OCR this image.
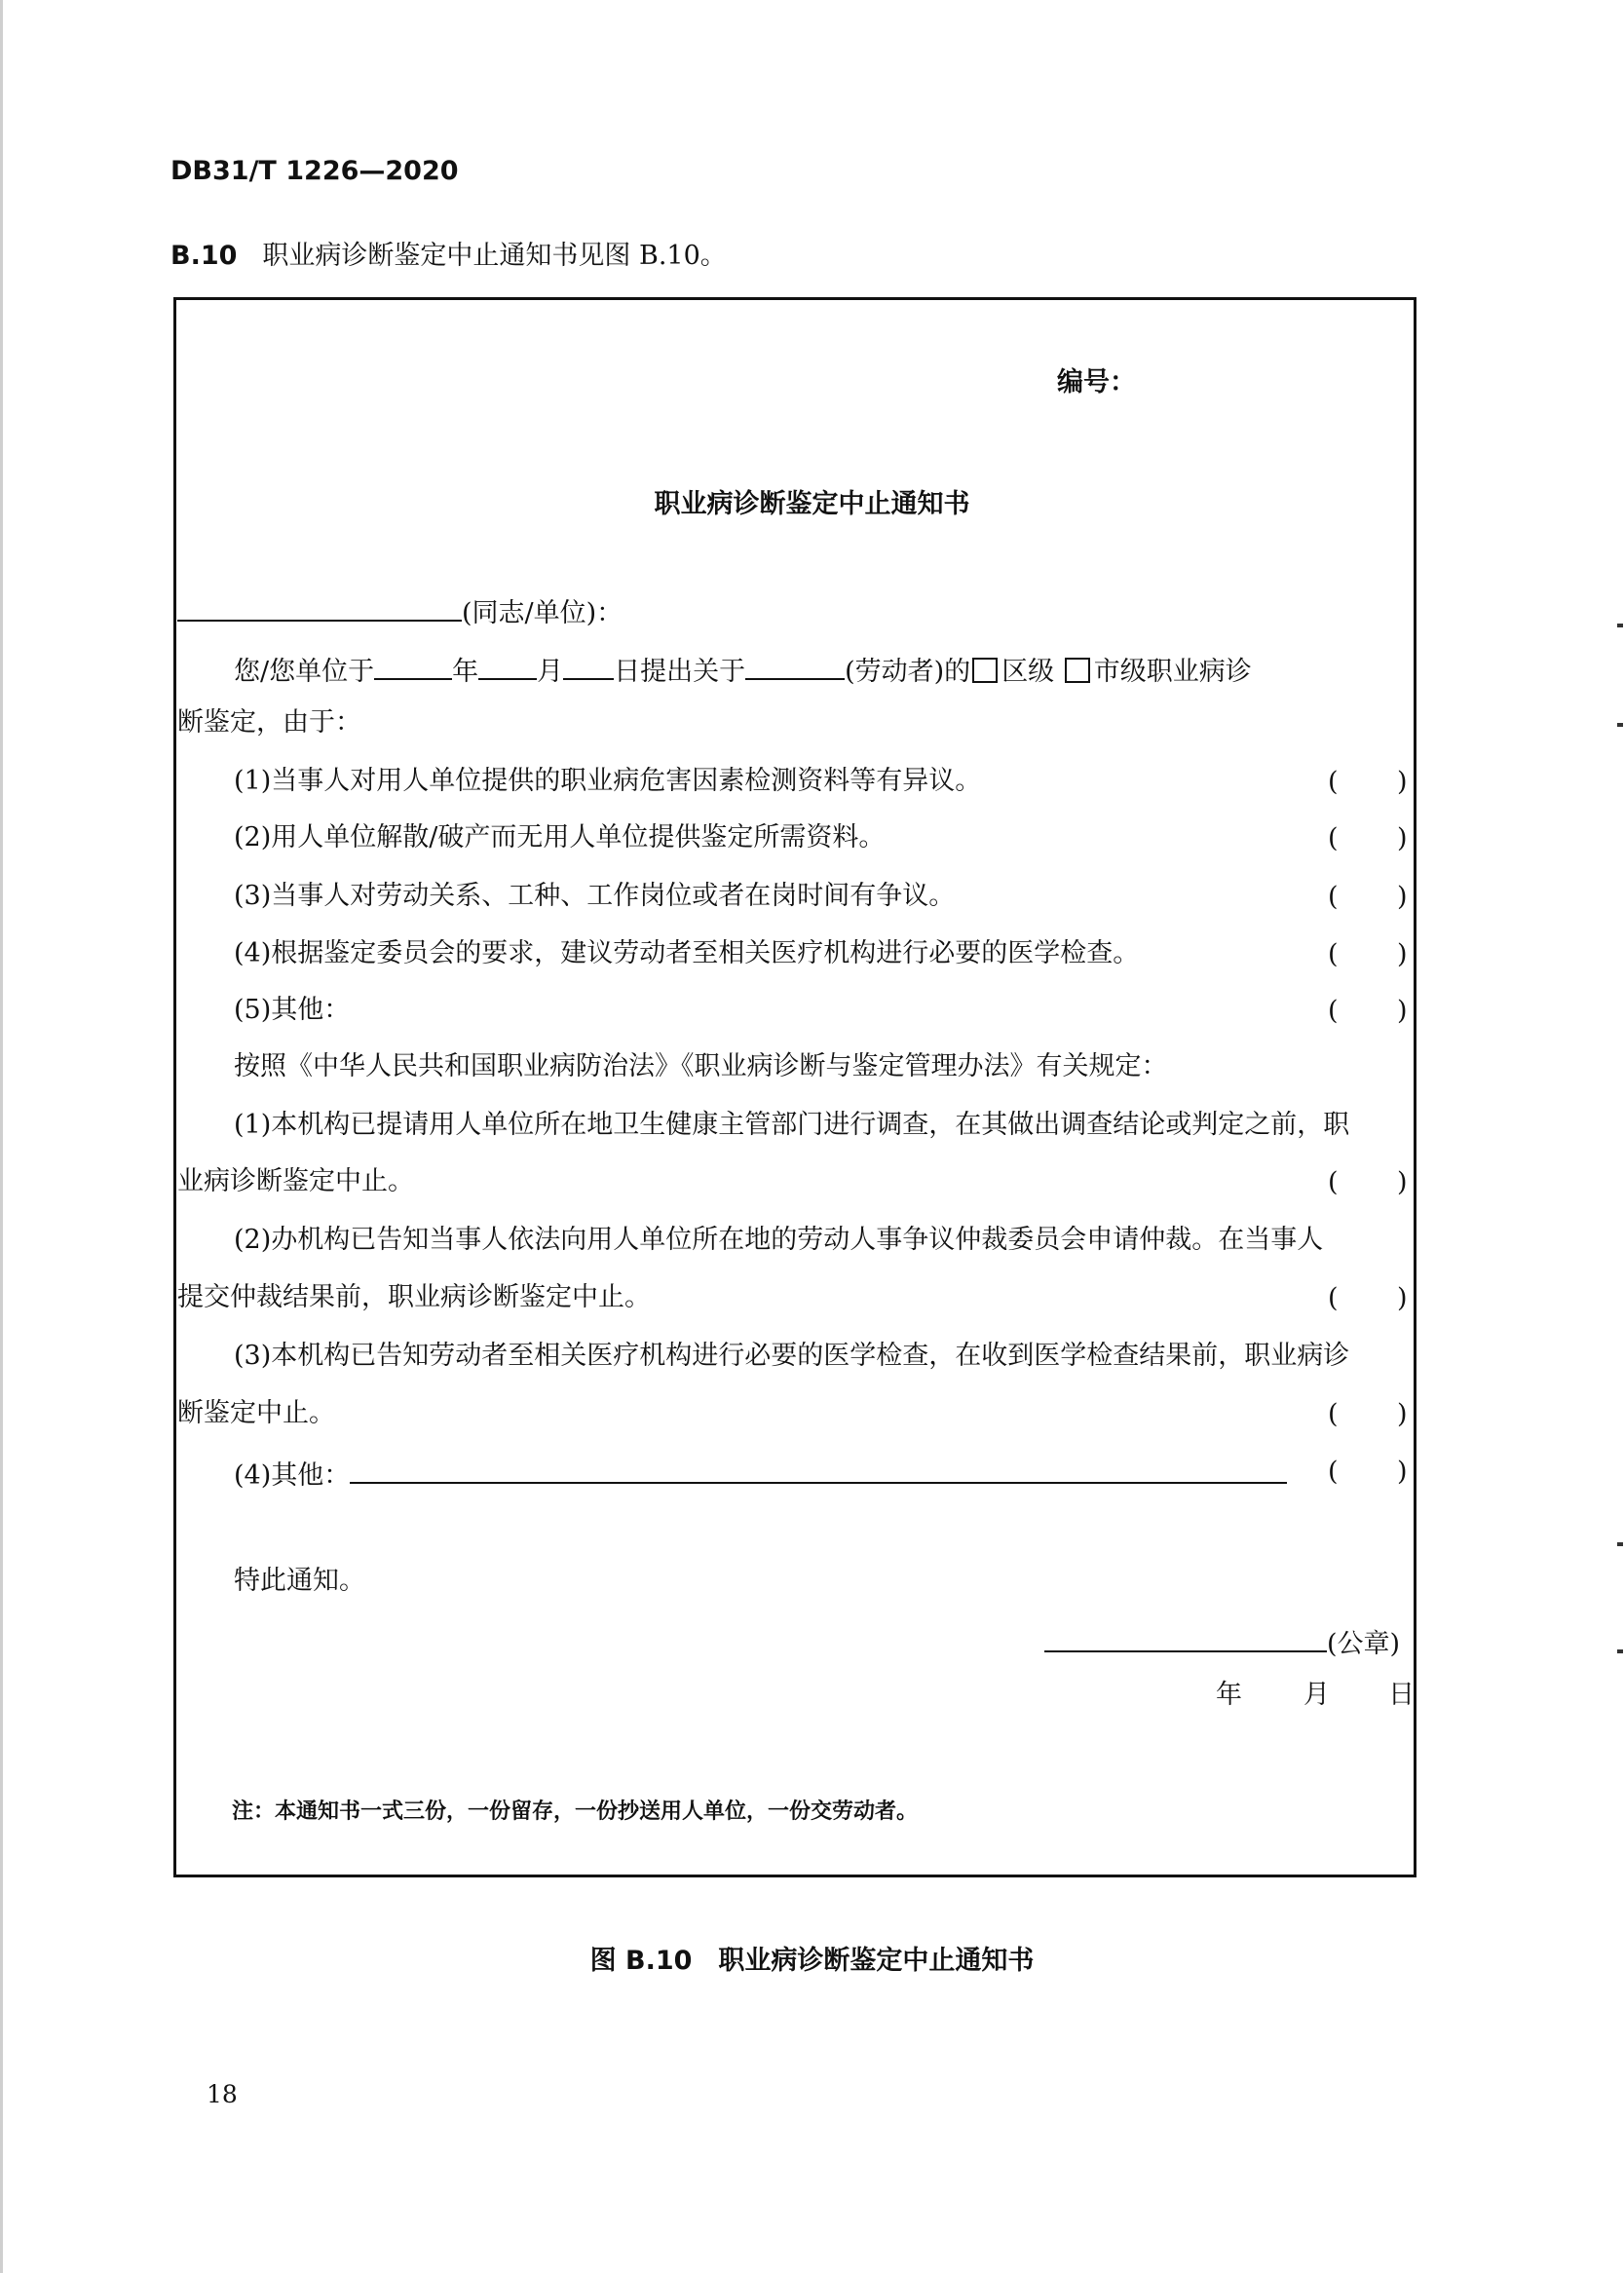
DB31/T 1226—2020
B.10 职业病诊断鉴定中止通知书见图 B.10。
编号：
职业病诊断鉴定中止通知书
(同志/单位)：
您/您单位于	年 月 日提出关于	(劳动者)的 区级 市级职业病诊
断鉴定，由于：
(1)当事人对用人单位提供的职业病危害因素检测资料等有异议。	( )
(2)用人单位解散/破产而无用人单位提供鉴定所需资料。	( )
(3)当事人对劳动关系、工种、工作岗位或者在岗时间有争议。	( )
(4)根据鉴定委员会的要求，建议劳动者至相关医疗机构进行必要的医学检查。	( )
(5)其他：	( )
按照《中华人民共和国职业病防治法》《职业病诊断与鉴定管理办法》有关规定：
(1)本机构已提请用人单位所在地卫生健康主管部门进行调查，在其做出调查结论或判定之前，职
业病诊断鉴定中止。	( )
(2)办机构已告知当事人依法向用人单位所在地的劳动人事争议仲裁委员会申请仲裁。在当事人
提交仲裁结果前，职业病诊断鉴定中止。	( )
(3)本机构已告知劳动者至相关医疗机构进行必要的医学检查，在收到医学检查结果前，职业病诊
断鉴定中止。	( )
(4)其他：	( )
特此通知。
(公章)
年 月 日
注：本通知书一式三份，一份留存，一份抄送用人单位，一份交劳动者。
图 B.10　职业病诊断鉴定中止通知书
18
